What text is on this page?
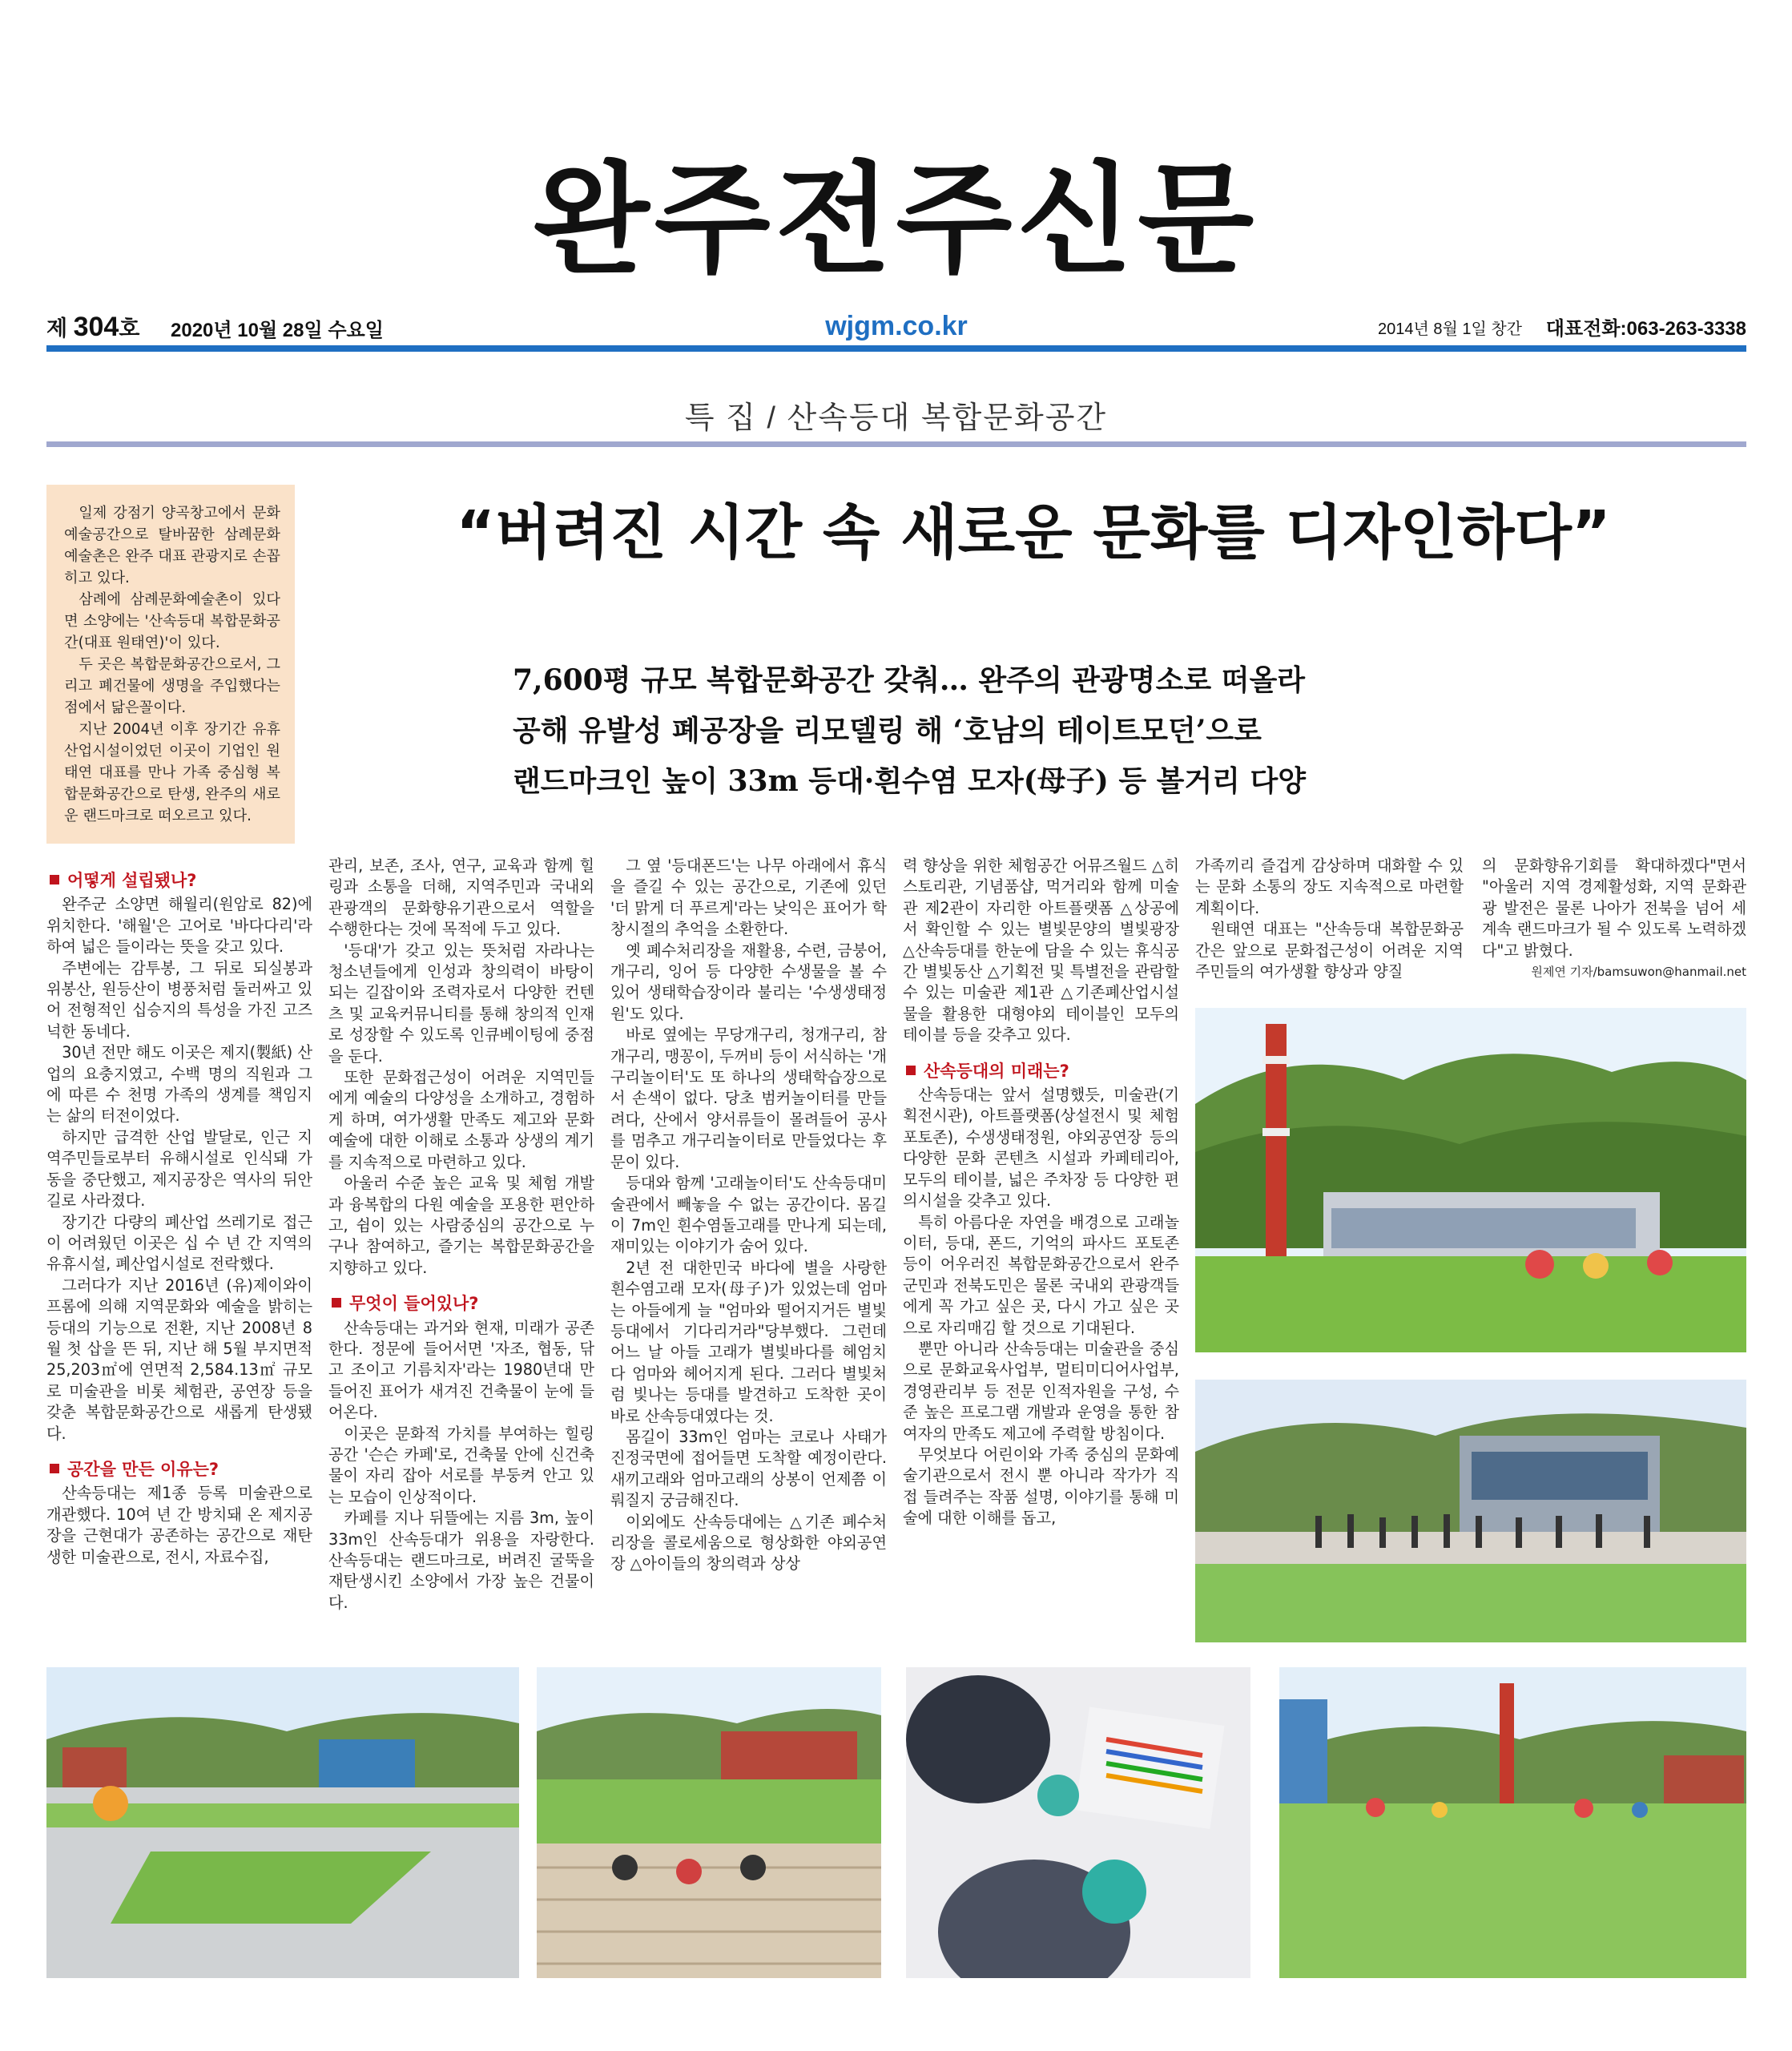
완주전주신문
제 304호 2020년 10월 28일 수요일	wjgm.co.kr	2014년 8월 1일 창간 대표전화:063-263-3338
특 집 / 산속등대 복합문화공간

일제 강점기 양곡창고에서 문화예술공간으로 탈바꿈한 삼례문화예술촌은 완주 대표 관광지로 손꼽히고 있다.

삼례에 삼례문화예술촌이 있다면 소양에는 '산속등대 복합문화공간(대표 원태연)'이 있다.

두 곳은 복합문화공간으로서, 그리고 폐건물에 생명을 주입했다는 점에서 닮은꼴이다.

지난 2004년 이후 장기간 유휴산업시설이었던 이곳이 기업인 원태연 대표를 만나 가족 중심형 복합문화공간으로 탄생, 완주의 새로운 랜드마크로 떠오르고 있다.

“버려진 시간 속 새로운 문화를 디자인하다”
7,600평 규모 복합문화공간 갖춰… 완주의 관광명소로 떠올라
공해 유발성 폐공장을 리모델링 해 ‘호남의 테이트모던’으로
랜드마크인 높이 33m 등대·흰수염 모자(母子) 등 볼거리 다양
어떻게 설립됐나?

완주군 소양면 해월리(원암로 82)에 위치한다. '해월'은 고어로 '바다다리'라 하여 넓은 들이라는 뜻을 갖고 있다.

주변에는 감투봉, 그 뒤로 되실봉과 위봉산, 원등산이 병풍처럼 둘러싸고 있어 전형적인 십승지의 특성을 가진 고즈넉한 동네다.

30년 전만 해도 이곳은 제지(製紙) 산업의 요충지였고, 수백 명의 직원과 그에 따른 수 천명 가족의 생계를 책임지는 삶의 터전이었다.

하지만 급격한 산업 발달로, 인근 지역주민들로부터 유해시설로 인식돼 가동을 중단했고, 제지공장은 역사의 뒤안길로 사라졌다.

장기간 다량의 폐산업 쓰레기로 접근이 어려웠던 이곳은 십 수 년 간 지역의 유휴시설, 폐산업시설로 전락했다.

그러다가 지난 2016년 (유)제이와이프롬에 의해 지역문화와 예술을 밝히는 등대의 기능으로 전환, 지난 2008년 8월 첫 삽을 뜬 뒤, 지난 해 5월 부지면적 25,203㎡에 연면적 2,584.13㎡ 규모로 미술관을 비롯 체험관, 공연장 등을 갖춘 복합문화공간으로 새롭게 탄생됐다.

공간을 만든 이유는?

산속등대는 제1종 등록 미술관으로 개관했다. 10여 년 간 방치돼 온 제지공장을 근현대가 공존하는 공간으로 재탄생한 미술관으로, 전시, 자료수집,

관리, 보존, 조사, 연구, 교육과 함께 힐링과 소통을 더해, 지역주민과 국내외 관광객의 문화향유기관으로서 역할을 수행한다는 것에 목적에 두고 있다.

'등대'가 갖고 있는 뜻처럼 자라나는 청소년들에게 인성과 창의력이 바탕이 되는 길잡이와 조력자로서 다양한 컨텐츠 및 교육커뮤니티를 통해 창의적 인재로 성장할 수 있도록 인큐베이팅에 중점을 둔다.

또한 문화접근성이 어려운 지역민들에게 예술의 다양성을 소개하고, 경험하게 하며, 여가생활 만족도 제고와 문화예술에 대한 이해로 소통과 상생의 계기를 지속적으로 마련하고 있다.

아울러 수준 높은 교육 및 체험 개발과 융복합의 다원 예술을 포용한 편안하고, 쉼이 있는 사람중심의 공간으로 누구나 참여하고, 즐기는 복합문화공간을 지향하고 있다.

무엇이 들어있나?

산속등대는 과거와 현재, 미래가 공존한다. 정문에 들어서면 '자조, 협동, 닦고 조이고 기름치자'라는 1980년대 만들어진 표어가 새겨진 건축물이 눈에 들어온다.

이곳은 문화적 가치를 부여하는 힐링공간 '슨슨 카페'로, 건축물 안에 신건축물이 자리 잡아 서로를 부둥켜 안고 있는 모습이 인상적이다.

카페를 지나 뒤뜰에는 지름 3m, 높이 33m인 산속등대가 위용을 자랑한다. 산속등대는 랜드마크로, 버려진 굴뚝을 재탄생시킨 소양에서 가장 높은 건물이다.

그 옆 '등대폰드'는 나무 아래에서 휴식을 즐길 수 있는 공간으로, 기존에 있던 '더 맑게 더 푸르게'라는 낮익은 표어가 학창시절의 추억을 소환한다.

옛 폐수처리장을 재활용, 수련, 금붕어, 개구리, 잉어 등 다양한 수생물을 볼 수 있어 생태학습장이라 불리는 '수생생태정원'도 있다.

바로 옆에는 무당개구리, 청개구리, 참개구리, 맹꽁이, 두꺼비 등이 서식하는 '개구리놀이터'도 또 하나의 생태학습장으로서 손색이 없다. 당초 범커놀이터를 만들려다, 산에서 양서류들이 몰려들어 공사를 멈추고 개구리놀이터로 만들었다는 후문이 있다.

등대와 함께 '고래놀이터'도 산속등대미술관에서 빼놓을 수 없는 공간이다. 몸길이 7m인 흰수염돌고래를 만나게 되는데, 재미있는 이야기가 숨어 있다.

2년 전 대한민국 바다에 별을 사랑한 흰수염고래 모자(母子)가 있었는데 엄마는 아들에게 늘 "엄마와 떨어지거든 별빛등대에서 기다리거라"당부했다. 그런데 어느 날 아들 고래가 별빛바다를 헤엄치다 엄마와 헤어지게 된다. 그러다 별빛처럼 빛나는 등대를 발견하고 도착한 곳이 바로 산속등대였다는 것.

몸길이 33m인 엄마는 코로나 사태가 진정국면에 접어들면 도착할 예정이란다. 새끼고래와 엄마고래의 상봉이 언제쯤 이뤄질지 궁금해진다.

이외에도 산속등대에는 △기존 폐수처리장을 콜로세움으로 형상화한 야외공연장 △아이들의 창의력과 상상

력 향상을 위한 체험공간 어뮤즈월드 △히스토리관, 기념품샵, 먹거리와 함께 미술관 제2관이 자리한 아트플랫폼 △상공에서 확인할 수 있는 별빛문양의 별빛광장 △산속등대를 한눈에 담을 수 있는 휴식공간 별빛동산 △기획전 및 특별전을 관람할 수 있는 미술관 제1관 △기존폐산업시설물을 활용한 대형야외 테이블인 모두의 테이블 등을 갖추고 있다.

산속등대의 미래는?

산속등대는 앞서 설명했듯, 미술관(기획전시관), 아트플랫폼(상설전시 및 체험 포토존), 수생생태정원, 야외공연장 등의 다양한 문화 콘텐츠 시설과 카페테리아, 모두의 테이블, 넓은 주차장 등 다양한 편의시설을 갖추고 있다.

특히 아름다운 자연을 배경으로 고래놀이터, 등대, 폰드, 기억의 파사드 포토존 등이 어우러진 복합문화공간으로서 완주군민과 전북도민은 물론 국내외 관광객들에게 꼭 가고 싶은 곳, 다시 가고 싶은 곳으로 자리매김 할 것으로 기대된다.

뿐만 아니라 산속등대는 미술관을 중심으로 문화교육사업부, 멀티미디어사업부, 경영관리부 등 전문 인적자원을 구성, 수준 높은 프로그램 개발과 운영을 통한 참여자의 만족도 제고에 주력할 방침이다.

무엇보다 어린이와 가족 중심의 문화예술기관으로서 전시 뿐 아니라 작가가 직접 들려주는 작품 설명, 이야기를 통해 미술에 대한 이해를 돕고,

가족끼리 즐겁게 감상하며 대화할 수 있는 문화 소통의 장도 지속적으로 마련할 계획이다.

원태연 대표는 "산속등대 복합문화공간은 앞으로 문화접근성이 어려운 지역 주민들의 여가생활 향상과 양질

의 문화향유기회를 확대하겠다"면서 "아울러 지역 경제활성화, 지역 문화관광 발전은 물론 나아가 전북을 넘어 세계속 랜드마크가 될 수 있도록 노력하겠다"고 밝혔다.

원제연 기자/bamsuwon@hanmail.net
